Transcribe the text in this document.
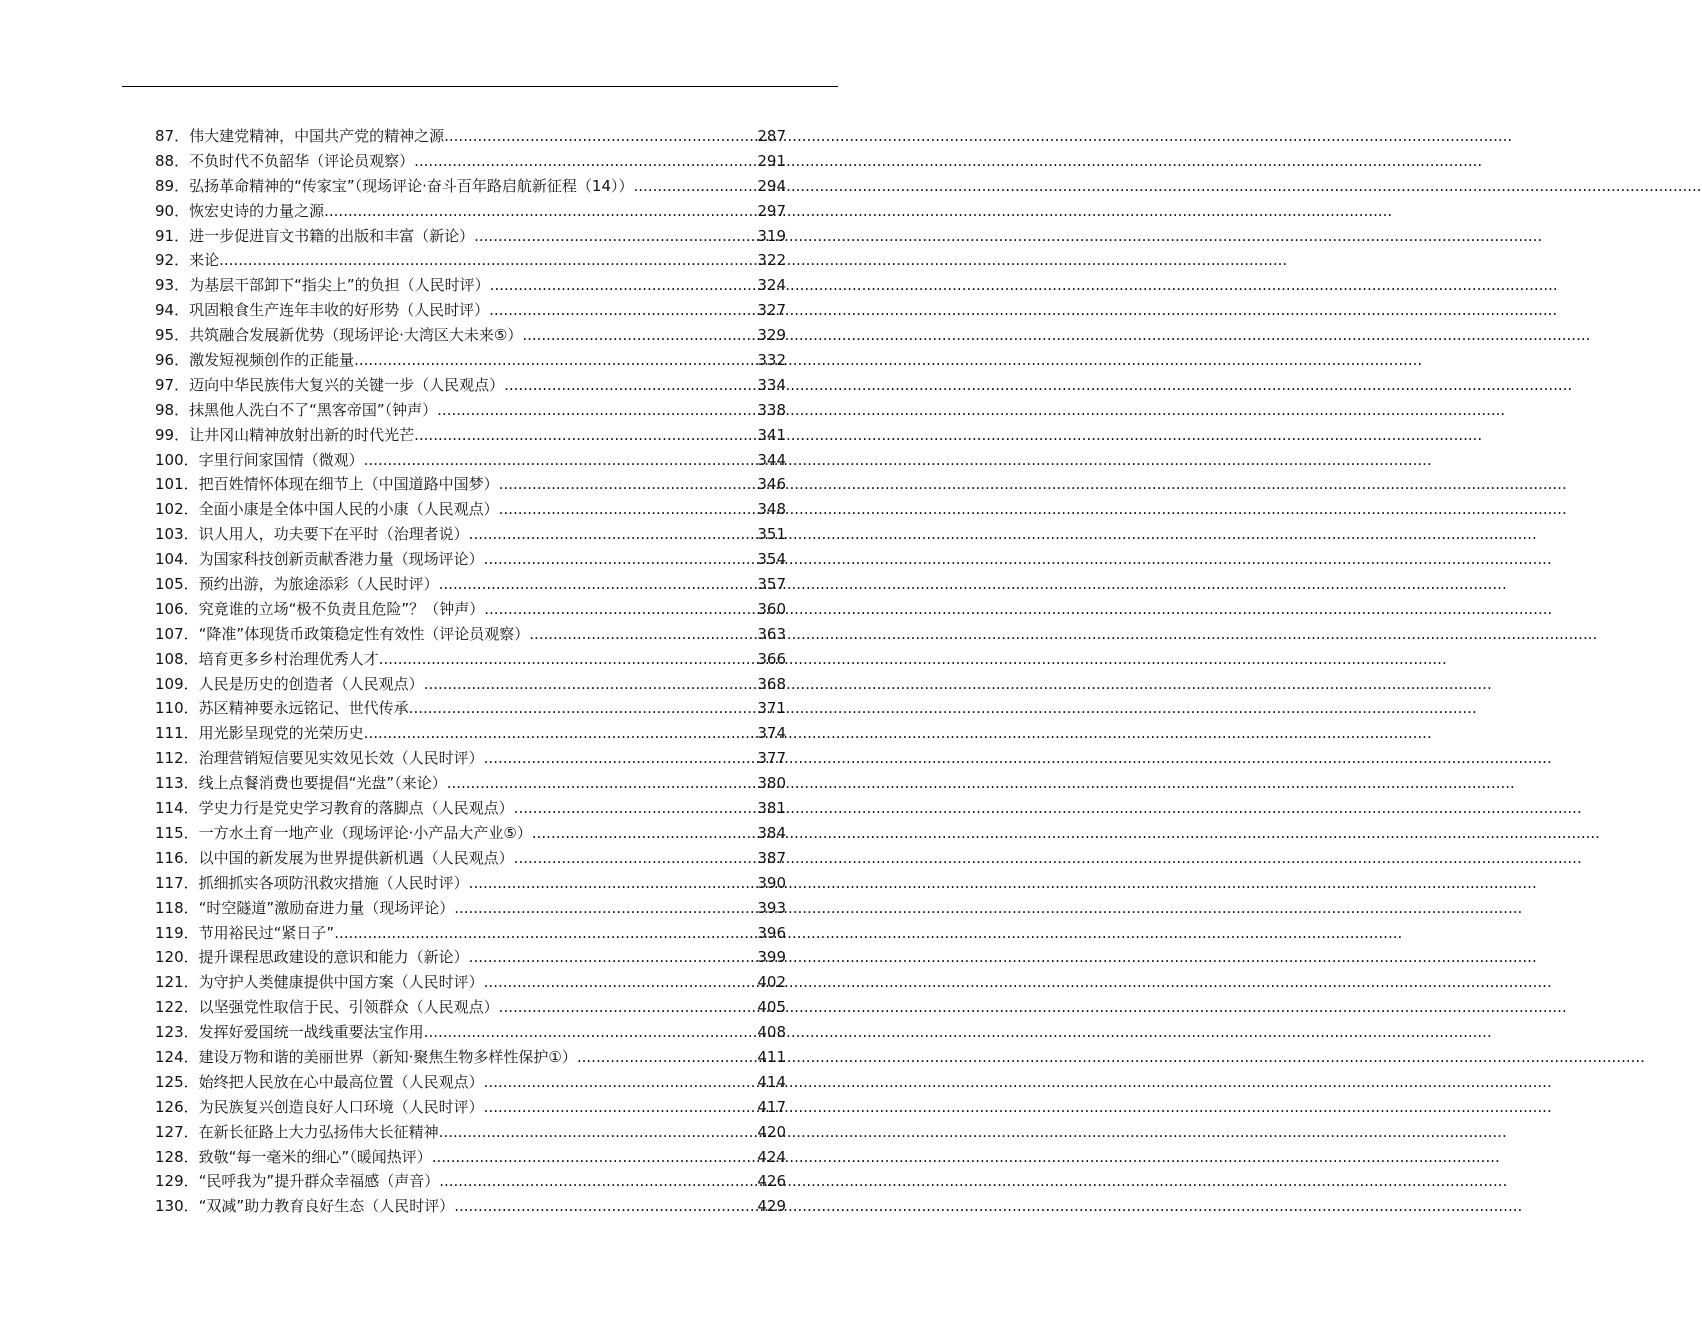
87 ． 伟大建党精神，中国共产党的精神之源 .....	287
88 ． 不负时代不负韶华（评论员观察） .....	291
89 ． 弘扬革命精神的“传家宝”（现场评论·奋斗百年路启航新征程（14）） .....	294
90 ． 恢宏史诗的力量之源 .....	297
91 ． 进一步促进盲文书籍的出版和丰富（新论） .....	319
92 ． 来论 .....	322
93 ． 为基层干部卸下“指尖上”的负担（人民时评） .....	324
94 ． 巩固粮食生产连年丰收的好形势（人民时评） .....	327
95 ． 共筑融合发展新优势（现场评论·大湾区大未来⑤） .....	329
96 ． 激发短视频创作的正能量 .....	332
97 ． 迈向中华民族伟大复兴的关键一步（人民观点） .....	334
98 ． 抹黑他人洗白不了“黑客帝国”（钟声） .....	338
99 ． 让井冈山精神放射出新的时代光芒 .....	341
100 ． 字里行间家国情（微观） .....	344
101 ． 把百姓情怀体现在细节上（中国道路中国梦） .....	346
102 ． 全面小康是全体中国人民的小康（人民观点） .....	348
103 ． 识人用人，功夫要下在平时（治理者说） .....	351
104 ． 为国家科技创新贡献香港力量（现场评论） .....	354
105 ． 预约出游，为旅途添彩（人民时评） .....	357
106 ． 究竟谁的立场“极不负责且危险”？（钟声） .....	360
107 ． “降准”体现货币政策稳定性有效性（评论员观察） .....	363
108 ． 培育更多乡村治理优秀人才 .....	366
109 ． 人民是历史的创造者（人民观点） .....	368
110 ． 苏区精神要永远铭记、世代传承 .....	371
111 ． 用光影呈现党的光荣历史 .....	374
112 ． 治理营销短信要见实效见长效（人民时评） .....	377
113 ． 线上点餐消费也要提倡“光盘”（来论） .....	380
114 ． 学史力行是党史学习教育的落脚点（人民观点） .....	381
115 ． 一方水土育一地产业（现场评论·小产品大产业⑤） .....	384
116 ． 以中国的新发展为世界提供新机遇（人民观点） .....	387
117 ． 抓细抓实各项防汛救灾措施（人民时评） .....	390
118 ． “时空隧道”激励奋进力量（现场评论） .....	393
119 ． 节用裕民过“紧日子” .....	396
120 ． 提升课程思政建设的意识和能力（新论） .....	399
121 ． 为守护人类健康提供中国方案（人民时评） .....	402
122 ． 以坚强党性取信于民、引领群众（人民观点） .....	405
123 ． 发挥好爱国统一战线重要法宝作用 .....	408
124 ． 建设万物和谐的美丽世界（新知·聚焦生物多样性保护①） .....	411
125 ． 始终把人民放在心中最高位置（人民观点） .....	414
126 ． 为民族复兴创造良好人口环境（人民时评） .....	417
127 ． 在新长征路上大力弘扬伟大长征精神 .....	420
128 ． 致敬“每一毫米的细心”（暖闻热评） .....	424
129 ． “民呼我为”提升群众幸福感（声音） .....	426
130 ． “双减”助力教育良好生态（人民时评） .....	429
